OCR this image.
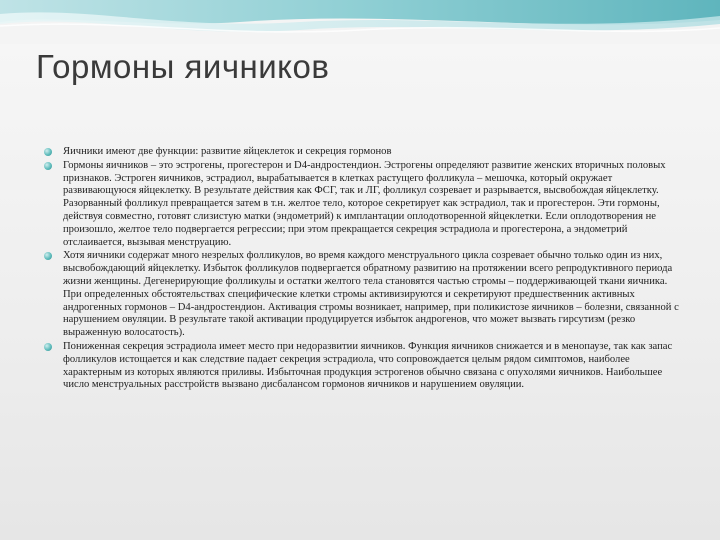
Гормоны яичников
Яичники имеют две функции: развитие яйцеклеток и секреция гормонов
Гормоны яичников – это эстрогены, прогестерон и D4-андростендион. Эстрогены определяют развитие женских вторичных половых признаков. Эстроген яичников, эстрадиол, вырабатывается в клетках растущего фолликула – мешочка, который окружает развивающуюся яйцеклетку. В результате действия как ФСГ, так и ЛГ, фолликул созревает и разрывается, высвобождая яйцеклетку. Разорванный фолликул превращается затем в т.н. желтое тело, которое секретирует как эстрадиол, так и прогестерон. Эти гормоны, действуя совместно, готовят слизистую матки (эндометрий) к имплантации оплодотворенной яйцеклетки. Если оплодотворения не произошло, желтое тело подвергается регрессии; при этом прекращается секреция эстрадиола и прогестерона, а эндометрий отслаивается, вызывая менструацию.
Хотя яичники содержат много незрелых фолликулов, во время каждого менструального цикла созревает обычно только один из них, высвобождающий яйцеклетку. Избыток фолликулов подвергается обратному развитию на протяжении всего репродуктивного периода жизни женщины. Дегенерирующие фолликулы и остатки желтого тела становятся частью стромы – поддерживающей ткани яичника. При определенных обстоятельствах специфические клетки стромы активизируются и секретируют предшественник активных андрогенных гормонов – D4-андростендион. Активация стромы возникает, например, при поликистозе яичников – болезни, связанной с нарушением овуляции. В результате такой активации продуцируется избыток андрогенов, что может вызвать гирсутизм (резко выраженную волосатость).
Пониженная секреция эстрадиола имеет место при недоразвитии яичников. Функция яичников снижается и в менопаузе, так как запас фолликулов истощается и как следствие падает секреция эстрадиола, что сопровождается целым рядом симптомов, наиболее характерным из которых являются приливы. Избыточная продукция эстрогенов обычно связана с опухолями яичников. Наибольшее число менструальных расстройств вызвано дисбалансом гормонов яичников и нарушением овуляции.
